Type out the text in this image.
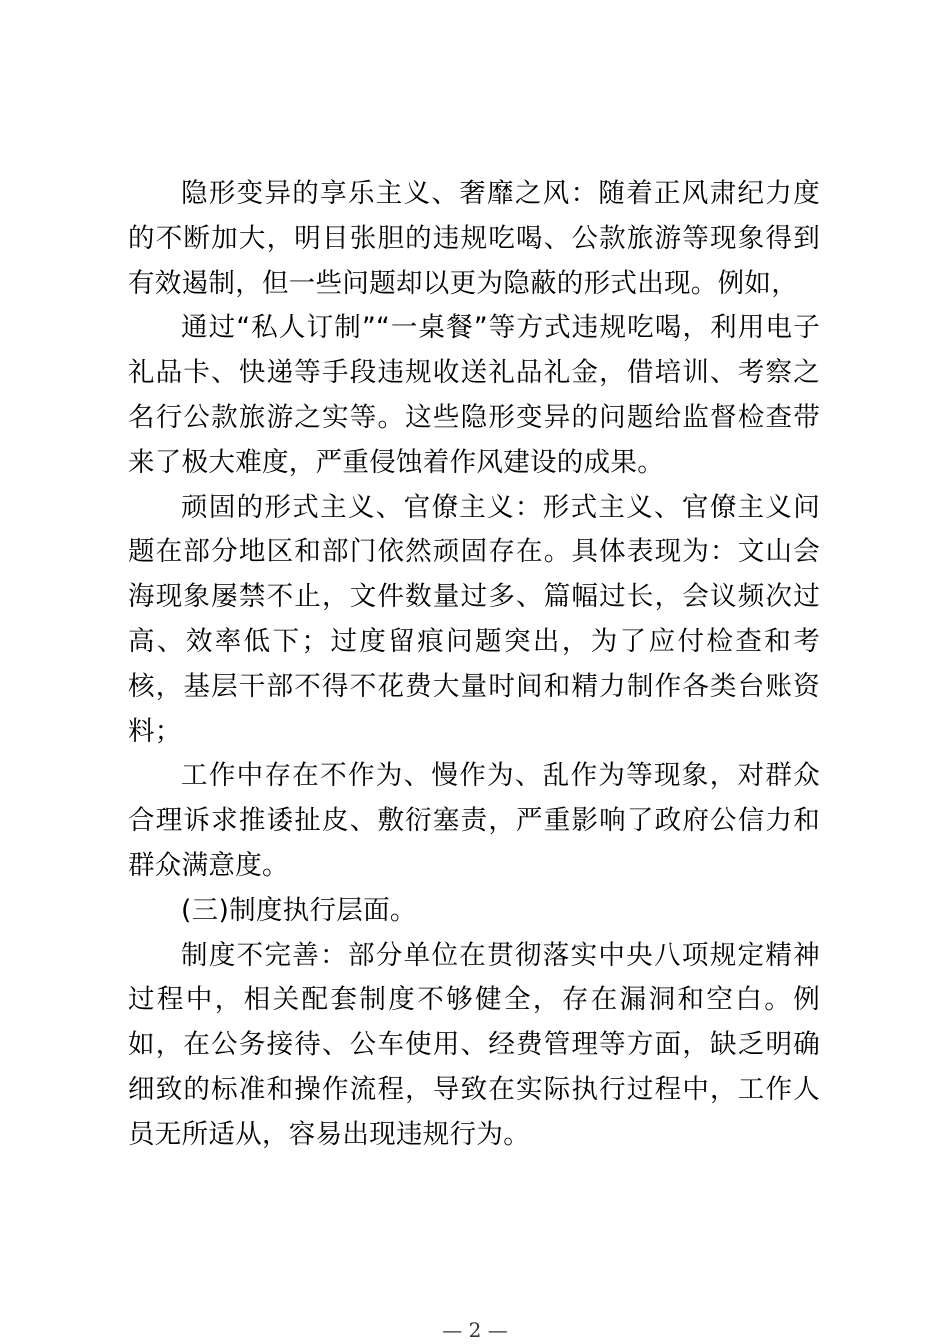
隐形变异的享乐主义、奢靡之风：随着正风肃纪力度的不断加大，明目张胆的违规吃喝、公款旅游等现象得到有效遏制，但一些问题却以更为隐蔽的形式出现。例如，

通过“私人订制”“一桌餐”等方式违规吃喝，利用电子礼品卡、快递等手段违规收送礼品礼金，借培训、考察之名行公款旅游之实等。这些隐形变异的问题给监督检查带来了极大难度，严重侵蚀着作风建设的成果。

顽固的形式主义、官僚主义：形式主义、官僚主义问题在部分地区和部门依然顽固存在。具体表现为：文山会海现象屡禁不止，文件数量过多、篇幅过长，会议频次过高、效率低下；过度留痕问题突出，为了应付检查和考核，基层干部不得不花费大量时间和精力制作各类台账资料；

工作中存在不作为、慢作为、乱作为等现象，对群众合理诉求推诿扯皮、敷衍塞责，严重影响了政府公信力和群众满意度。

(三)制度执行层面。

制度不完善：部分单位在贯彻落实中央八项规定精神过程中，相关配套制度不够健全，存在漏洞和空白。例如，在公务接待、公车使用、经费管理等方面，缺乏明确细致的标准和操作流程，导致在实际执行过程中，工作人员无所适从，容易出现违规行为。

— 2 —
